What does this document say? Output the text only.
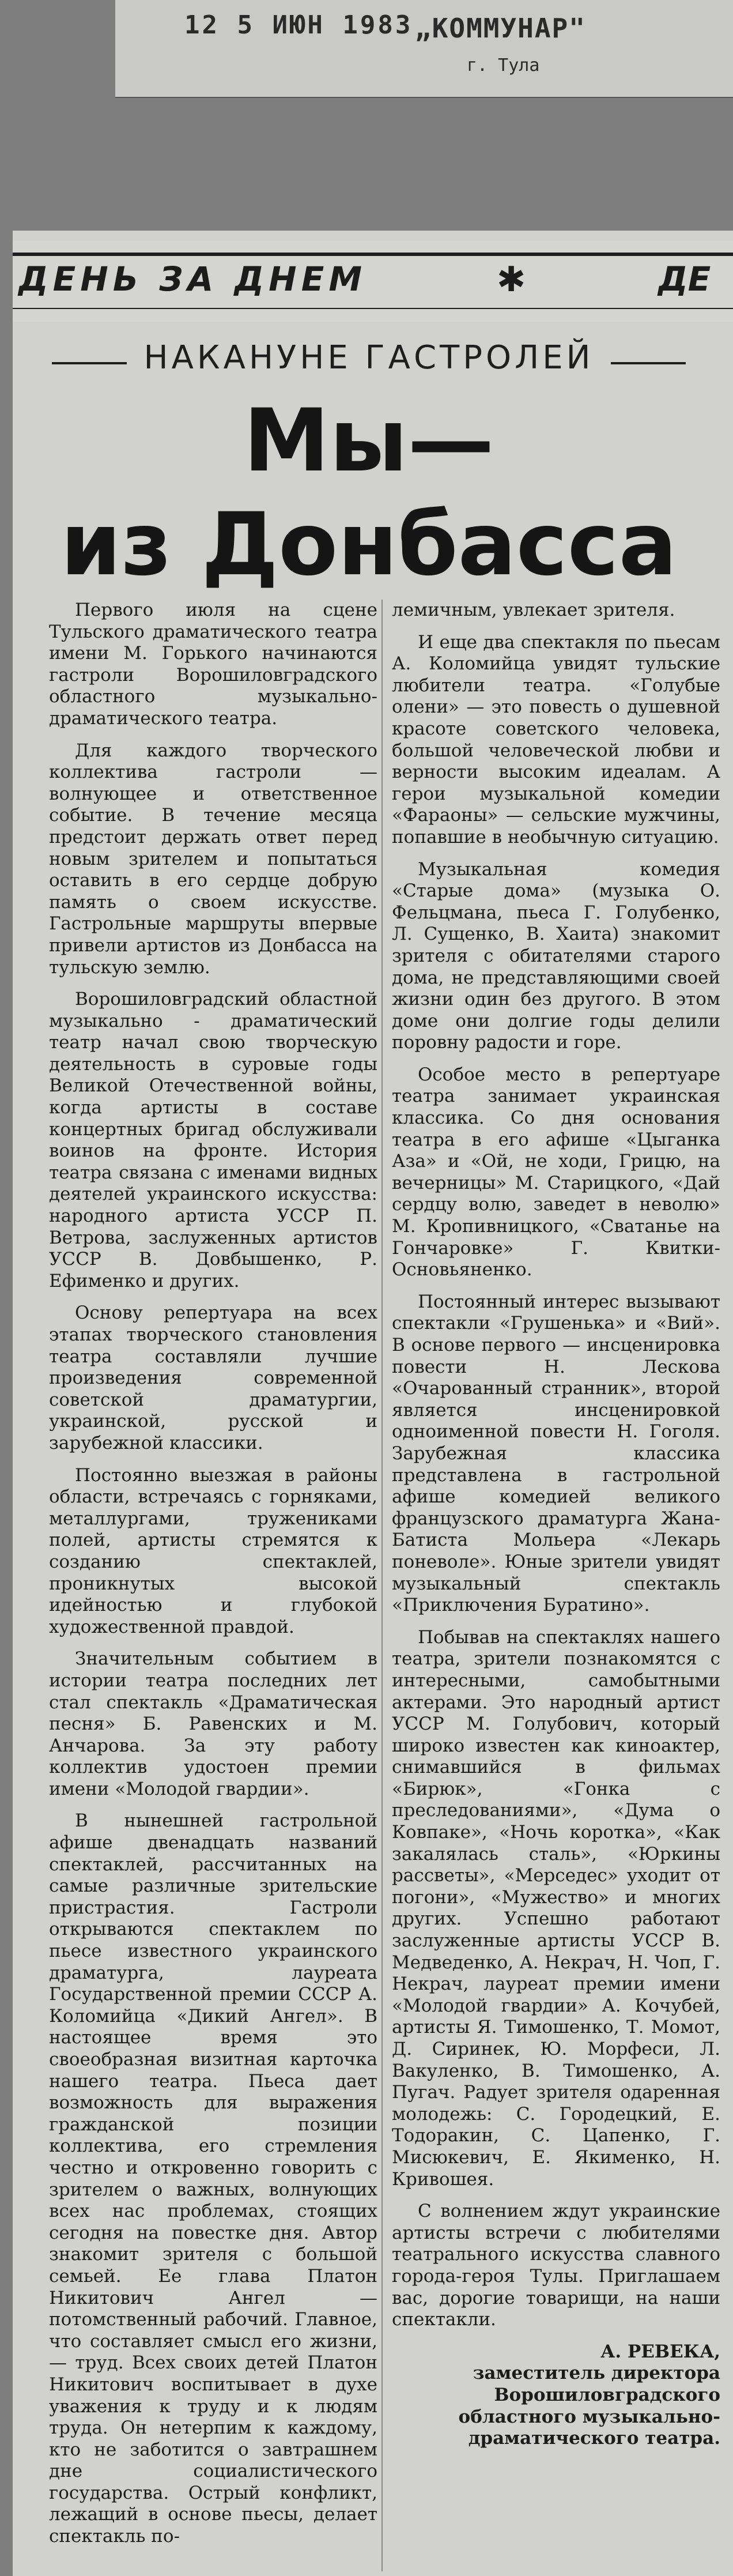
12 5 ИЮН 1983 „КОММУНАР"
г. Тула
ДЕНЬ ЗА ДНЕМ	✱	ДЕ
НАКАНУНЕ ГАСТРОЛЕЙ
Мы—
из Донбасса

Первого июля на сцене Тульского драматического театра имени М. Горького начинаются гастроли Ворошиловградского областного музыкально-драматического театра.

Для каждого творческого коллектива гастроли — волнующее и ответственное событие. В течение месяца предстоит держать ответ перед новым зрителем и попытаться оставить в его сердце добрую память о своем искусстве. Гастрольные маршруты впервые привели артистов из Донбасса на тульскую землю.

Ворошиловградский областной музыкально - драматический театр начал свою творческую деятельность в суровые годы Великой Отечественной войны, когда артисты в составе концертных бригад обслуживали воинов на фронте. История театра связана с именами видных деятелей украинского искусства: народного артиста УССР П. Ветрова, заслуженных артистов УССР В. Довбышенко, Р. Ефименко и других.

Основу репертуара на всех этапах творческого становления театра составляли лучшие произведения современной советской драматургии, украинской, русской и зарубежной классики.

Постоянно выезжая в районы области, встречаясь с горняками, металлургами, тружениками полей, артисты стремятся к созданию спектаклей, проникнутых высокой идейностью и глубокой художественной правдой.

Значительным событием в истории театра последних лет стал спектакль «Драматическая песня» Б. Равенских и М. Анчарова. За эту работу коллектив удостоен премии имени «Молодой гвардии».

В нынешней гастрольной афише двенадцать названий спектаклей, рассчитанных на самые различные зрительские пристрастия. Гастроли открываются спектаклем по пьесе известного украинского драматурга, лауреата Государственной премии СССР А. Коломийца «Дикий Ангел». В настоящее время это своеобразная визитная карточка нашего театра. Пьеса дает возможность для выражения гражданской позиции коллектива, его стремления честно и откровенно говорить с зрителем о важных, волнующих всех нас проблемах, стоящих сегодня на повестке дня. Автор знакомит зрителя с большой семьей. Ее глава Платон Никитович Ангел — потомственный рабочий. Главное, что составляет смысл его жизни, — труд. Всех своих детей Платон Никитович воспитывает в духе уважения к труду и к людям труда. Он нетерпим к каждому, кто не заботится о завтрашнем дне социалистического государства. Острый конфликт, лежащий в основе пьесы, делает спектакль по-

лемичным, увлекает зрителя.

И еще два спектакля по пьесам А. Коломийца увидят тульские любители театра. «Голубые олени» — это повесть о душевной красоте советского человека, большой человеческой любви и верности высоким идеалам. А герои музыкальной комедии «Фараоны» — сельские мужчины, попавшие в необычную ситуацию.

Музыкальная комедия «Старые дома» (музыка О. Фельцмана, пьеса Г. Голубенко, Л. Сущенко, В. Хаита) знакомит зрителя с обитателями старого дома, не представляющими своей жизни один без другого. В этом доме они долгие годы делили поровну радости и горе.

Особое место в репертуаре театра занимает украинская классика. Со дня основания театра в его афише «Цыганка Аза» и «Ой, не ходи, Грицю, на вечерницы» М. Старицкого, «Дай сердцу волю, заведет в неволю» М. Кропивницкого, «Сватанье на Гончаровке» Г. Квитки-Основьяненко.

Постоянный интерес вызывают спектакли «Грушенька» и «Вий». В основе первого — инсценировка повести Н. Лескова «Очарованный странник», второй является инсценировкой одноименной повести Н. Гоголя. Зарубежная классика представлена в гастрольной афише комедией великого французского драматурга Жана-Батиста Мольера «Лекарь поневоле». Юные зрители увидят музыкальный спектакль «Приключения Буратино».

Побывав на спектаклях нашего театра, зрители познакомятся с интересными, самобытными актерами. Это народный артист УССР М. Голубович, который широко известен как киноактер, снимавшийся в фильмах «Бирюк», «Гонка с преследованиями», «Дума о Ковпаке», «Ночь коротка», «Как закалялась сталь», «Юркины рассветы», «Мерседес» уходит от погони», «Мужество» и многих других. Успешно работают заслуженные артисты УССР В. Медведенко, А. Некрач, Н. Чоп, Г. Некрач, лауреат премии имени «Молодой гвардии» А. Кочубей, артисты Я. Тимошенко, Т. Момот, Д. Сиринек, Ю. Морфеси, Л. Вакуленко, В. Тимошенко, А. Пугач. Радует зрителя одаренная молодежь: С. Городецкий, Е. Тодоракин, С. Цапенко, Г. Мисюкевич, Е. Якименко, Н. Кривошея.

С волнением ждут украинские артисты встречи с любителями театрального искусства славного города-героя Тулы. Приглашаем вас, дорогие товарищи, на наши спектакли.

А. РЕВЕКА,
заместитель директора Ворошиловградского областного музыкально-драматического театра.
